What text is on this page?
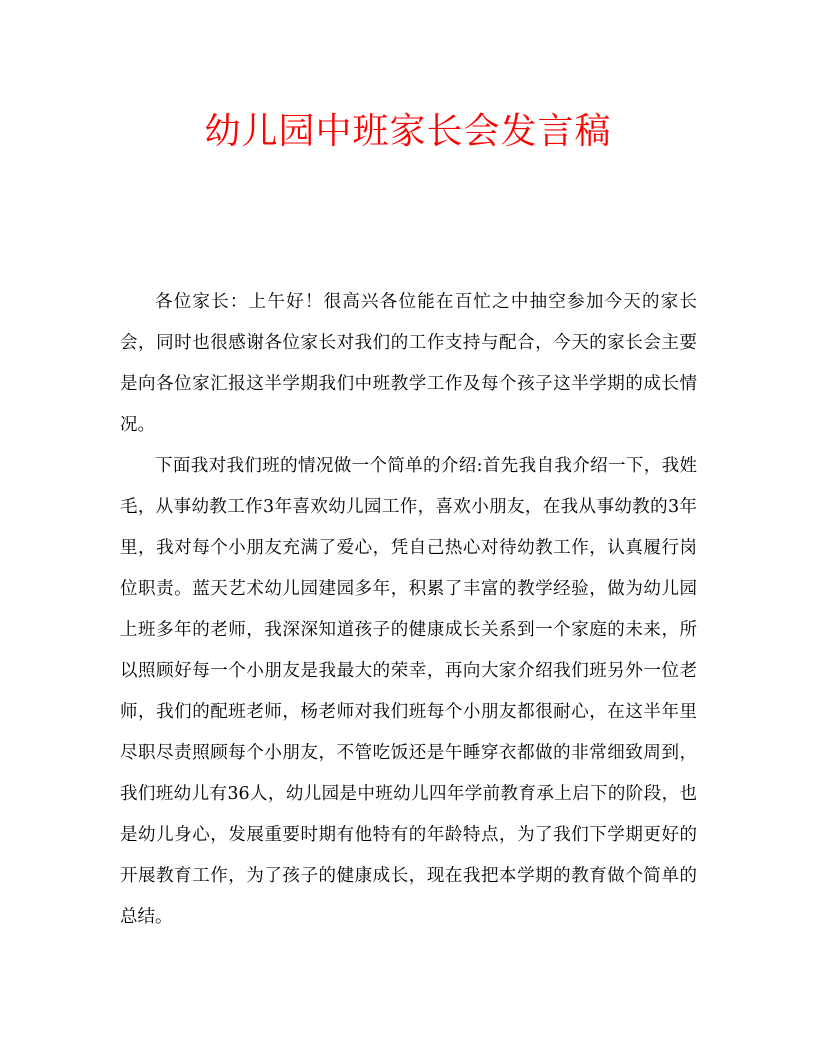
幼儿园中班家长会发言稿

各位家长：上午好！很高兴各位能在百忙之中抽空参加今天的家长会，同时也很感谢各位家长对我们的工作支持与配合，今天的家长会主要是向各位家汇报这半学期我们中班教学工作及每个孩子这半学期的成长情况。

下面我对我们班的情况做一个简单的介绍:首先我自我介绍一下，我姓毛，从事幼教工作3年喜欢幼儿园工作，喜欢小朋友，在我从事幼教的3年里，我对每个小朋友充满了爱心，凭自己热心对待幼教工作，认真履行岗位职责。蓝天艺术幼儿园建园多年，积累了丰富的教学经验，做为幼儿园上班多年的老师，我深深知道孩子的健康成长关系到一个家庭的未来，所以照顾好每一个小朋友是我最大的荣幸，再向大家介绍我们班另外一位老师，我们的配班老师，杨老师对我们班每个小朋友都很耐心，在这半年里尽职尽责照顾每个小朋友，不管吃饭还是午睡穿衣都做的非常细致周到，我们班幼儿有36人，幼儿园是中班幼儿四年学前教育承上启下的阶段，也是幼儿身心，发展重要时期有他特有的年龄特点，为了我们下学期更好的开展教育工作，为了孩子的健康成长，现在我把本学期的教育做个简单的总结。
